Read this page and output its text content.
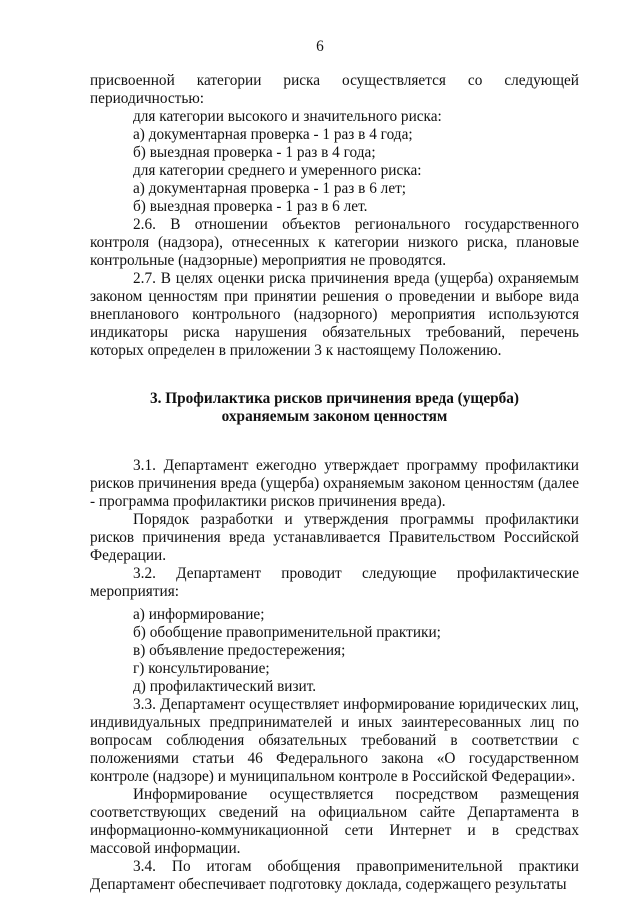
6

присвоенной категории риска осуществляется со следующей периодичностью:

для категории высокого и значительного риска:

а) документарная проверка - 1 раз в 4 года;

б) выездная проверка - 1 раз в 4 года;

для категории среднего и умеренного риска:

а) документарная проверка - 1 раз в 6 лет;

б) выездная проверка - 1 раз в 6 лет.

2.6. В отношении объектов регионального государственного контроля (надзора), отнесенных к категории низкого риска, плановые контрольные (надзорные) мероприятия не проводятся.

2.7. В целях оценки риска причинения вреда (ущерба) охраняемым законом ценностям при принятии решения о проведении и выборе вида внепланового контрольного (надзорного) мероприятия используются индикаторы риска нарушения обязательных требований, перечень которых определен в приложении 3 к настоящему Положению.

3. Профилактика рисков причинения вреда (ущерба)
охраняемым законом ценностям

3.1. Департамент ежегодно утверждает программу профилактики рисков причинения вреда (ущерба) охраняемым законом ценностям (далее - программа профилактики рисков причинения вреда).

Порядок разработки и утверждения программы профилактики рисков причинения вреда устанавливается Правительством Российской Федерации.

3.2. Департамент проводит следующие профилактические мероприятия:

а) информирование;

б) обобщение правоприменительной практики;

в) объявление предостережения;

г) консультирование;

д) профилактический визит.

3.3. Департамент осуществляет информирование юридических лиц, индивидуальных предпринимателей и иных заинтересованных лиц по вопросам соблюдения обязательных требований в соответствии с положениями статьи 46 Федерального закона «О государственном контроле (надзоре) и муниципальном контроле в Российской Федерации».

Информирование осуществляется посредством размещения соответствующих сведений на официальном сайте Департамента в информационно-коммуникационной сети Интернет и в средствах массовой информации.

3.4. По итогам обобщения правоприменительной практики Департамент обеспечивает подготовку доклада, содержащего результаты
